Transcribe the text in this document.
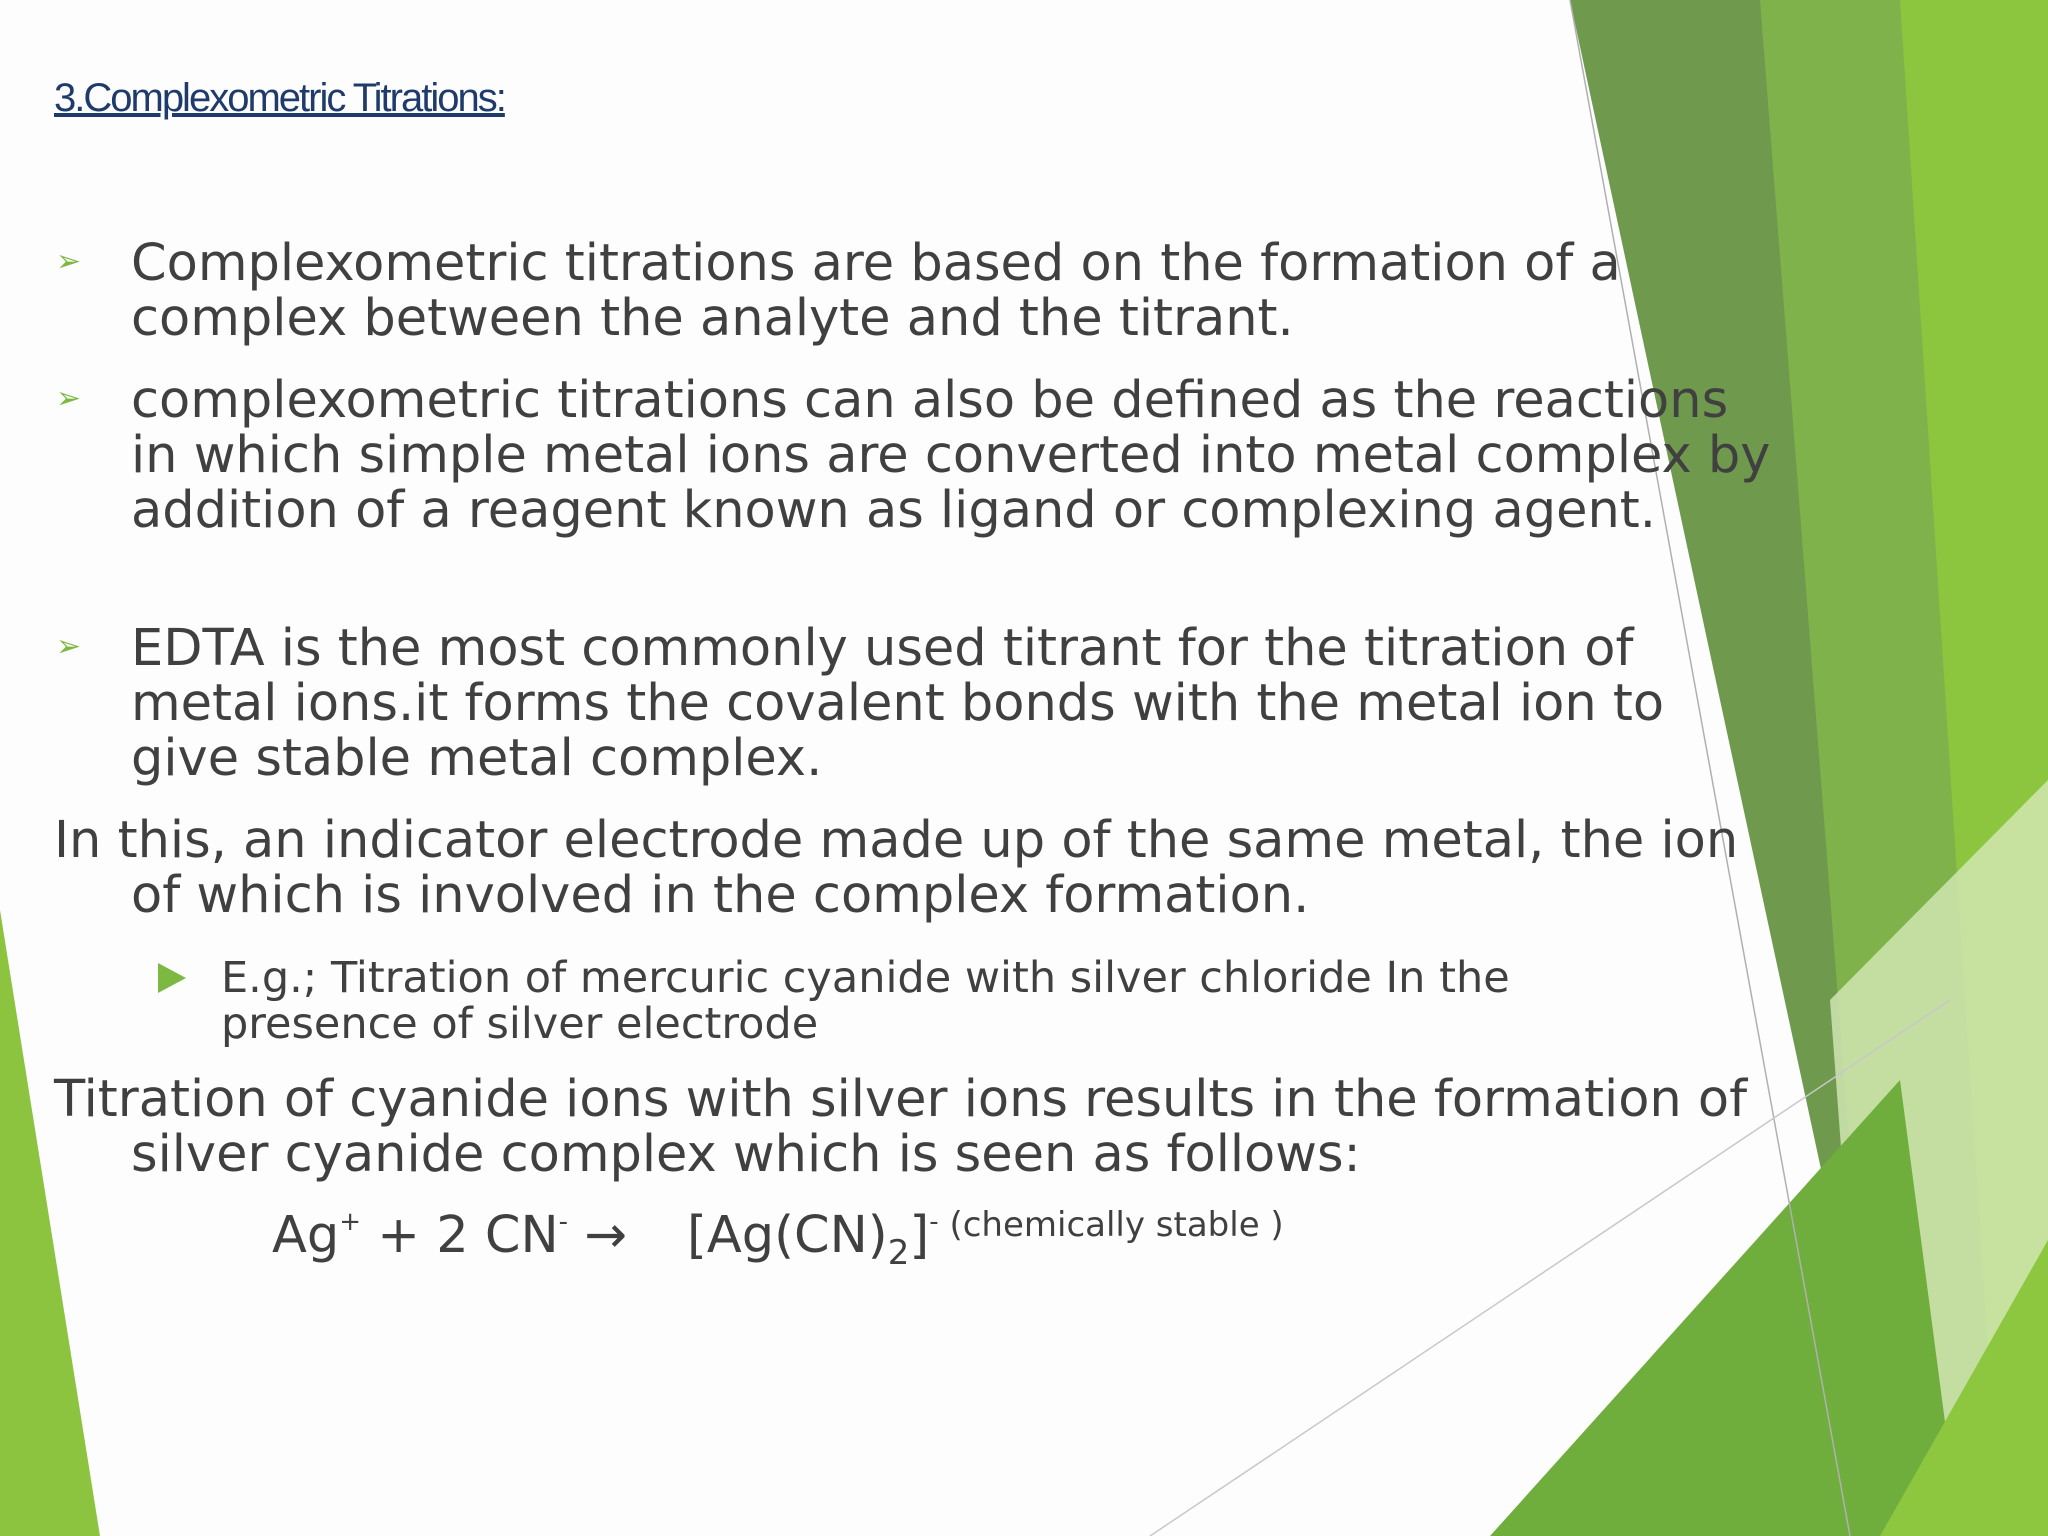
3.Complexometric Titrations:
➢ Complexometric titrations are based on the formation of a complex between the analyte and the titrant.
➢ complexometric titrations can also be defined as the reactions in which simple metal ions are converted into metal complex by addition of a reagent known as ligand or complexing agent.
➢ EDTA is the most commonly used titrant for the titration of metal ions.it forms the covalent bonds with the metal ion to give stable metal complex.
In this, an indicator electrode made up of the same metal, the ion of which is involved in the complex formation.
E.g.; Titration of mercuric cyanide with silver chloride In the presence of silver electrode
Titration of cyanide ions with silver ions results in the formation of silver cyanide complex which is seen as follows:
Ag+ + 2 $CN^- \to [Ag(CN)_2]^-$ $^{(chemically stable )}$
